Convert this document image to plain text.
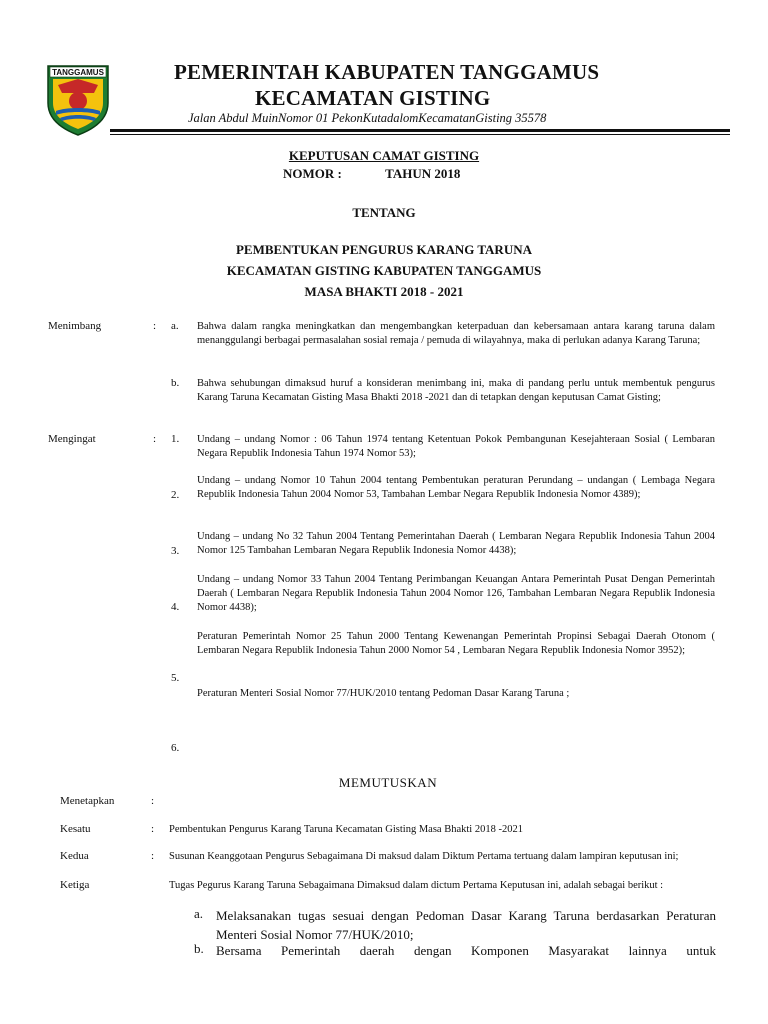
TANGGAMUS	PEMERINTAH KABUPATEN TANGGAMUS
KECAMATAN GISTING
Jalan Abdul MuinNomor 01 PekonKutadalomKecamatanGisting 35578
KEPUTUSAN CAMAT GISTING
NOMOR :	TAHUN 2018
TENTANG
PEMBENTUKAN PENGURUS KARANG TARUNA
KECAMATAN GISTING KABUPATEN TANGGAMUS
MASA BHAKTI 2018 - 2021
Menimbang	: a. Bahwa dalam rangka meningkatkan dan mengembangkan keterpaduan dan kebersamaan antara karang taruna dalam menanggulangi berbagai permasalahan sosial remaja / pemuda di wilayahnya, maka di perlukan adanya Karang Taruna;
b. Bahwa sehubungan dimaksud huruf a konsideran menimbang ini, maka di pandang perlu untuk membentuk pengurus Karang Taruna Kecamatan Gisting Masa Bhakti 2018 -2021 dan di tetapkan dengan keputusan Camat Gisting;
Mengingat	: 1. Undang – undang Nomor : 06 Tahun 1974 tentang Ketentuan Pokok Pembangunan Kesejahteraan Sosial ( Lembaran Negara Republik Indonesia Tahun 1974 Nomor 53);
2.
Undang – undang Nomor 10 Tahun 2004 tentang Pembentukan peraturan Perundang – undangan ( Lembaga Negara Republik Indonesia Tahun 2004 Nomor 53, Tambahan Lembar Negara Republik Indonesia Nomor 4389);
3.
Undang – undang No 32 Tahun 2004 Tentang Pemerintahan Daerah ( Lembaran Negara Republik Indonesia Tahun 2004 Nomor 125 Tambahan Lembaran Negara Republik Indonesia Nomor 4438);
4.
Undang – undang Nomor 33 Tahun 2004 Tentang Perimbangan Keuangan Antara Pemerintah Pusat Dengan Pemerintah Daerah ( Lembaran Negara Republik Indonesia Tahun 2004 Nomor 126, Tambahan Lembaran Negara Republik Indonesia Nomor 4438);
5.
Peraturan Pemerintah Nomor 25 Tahun 2000 Tentang Kewenangan Pemerintah Propinsi Sebagai Daerah Otonom ( Lembaran Negara Republik Indonesia Tahun 2000 Nomor 54 , Lembaran Negara Republik Indonesia Nomor 3952);
Peraturan Menteri Sosial Nomor 77/HUK/2010 tentang Pedoman Dasar Karang Taruna ;
6.
MEMUTUSKAN
Menetapkan	:
Kesatu	: Pembentukan Pengurus Karang Taruna Kecamatan Gisting Masa Bhakti 2018 -2021
Kedua	: Susunan Keanggotaan Pengurus Sebagaimana Di maksud dalam Diktum Pertama tertuang dalam lampiran keputusan ini;
Ketiga	Tugas Pegurus Karang Taruna Sebagaimana Dimaksud dalam dictum Pertama Keputusan ini, adalah sebagai berikut :
a. Melaksanakan tugas sesuai dengan Pedoman Dasar Karang Taruna berdasarkan Peraturan Menteri Sosial Nomor 77/HUK/2010;
b. Bersama Pemerintah daerah dengan Komponen Masyarakat lainnya untuk
